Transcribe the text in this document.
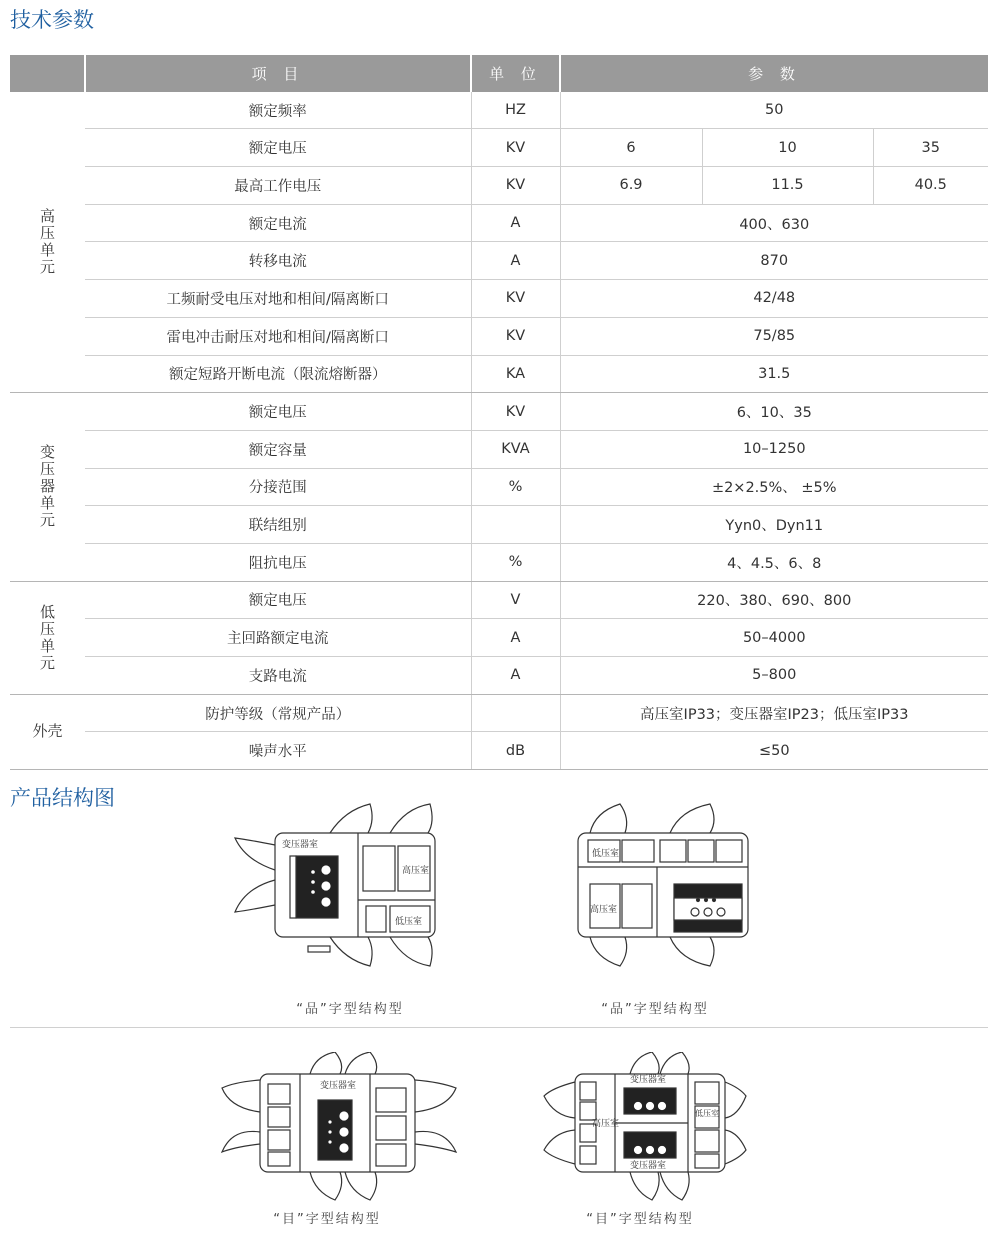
技术参数
	项 目	单 位	参 数		
高压单元	额定频率	HZ	50		
	额定电压	KV	6	10	35
	最高工作电压	KV	6.9	11.5	40.5
	额定电流	A	400、630		
	转移电流	A	870		
	工频耐受电压对地和相间/隔离断口	KV	42/48		
	雷电冲击耐压对地和相间/隔离断口	KV	75/85		
	额定短路开断电流（限流熔断器）	KA	31.5		
变压器单元	额定电压	KV	6、10、35		
	额定容量	KVA	10–1250		
	分接范围	%	±2×2.5%、 ±5%		
	联结组别		Yyn0、Dyn11		
	阻抗电压	%	4、4.5、6、8		
低压单元	额定电压	V	220、380、690、800		
	主回路额定电流	A	50–4000		
	支路电流	A	5–800		
外壳	防护等级（常规产品）		高压室IP33；变压器室IP23；低压室IP33		
	噪声水平	dB	≤50		
产品结构图
变压器室
高压室
低压室
“品”字型结构型
低压室
高压室
“品”字型结构型
变压器室
“目”字型结构型
变压器室
变压器室
高压室
低压室
“目”字型结构型
